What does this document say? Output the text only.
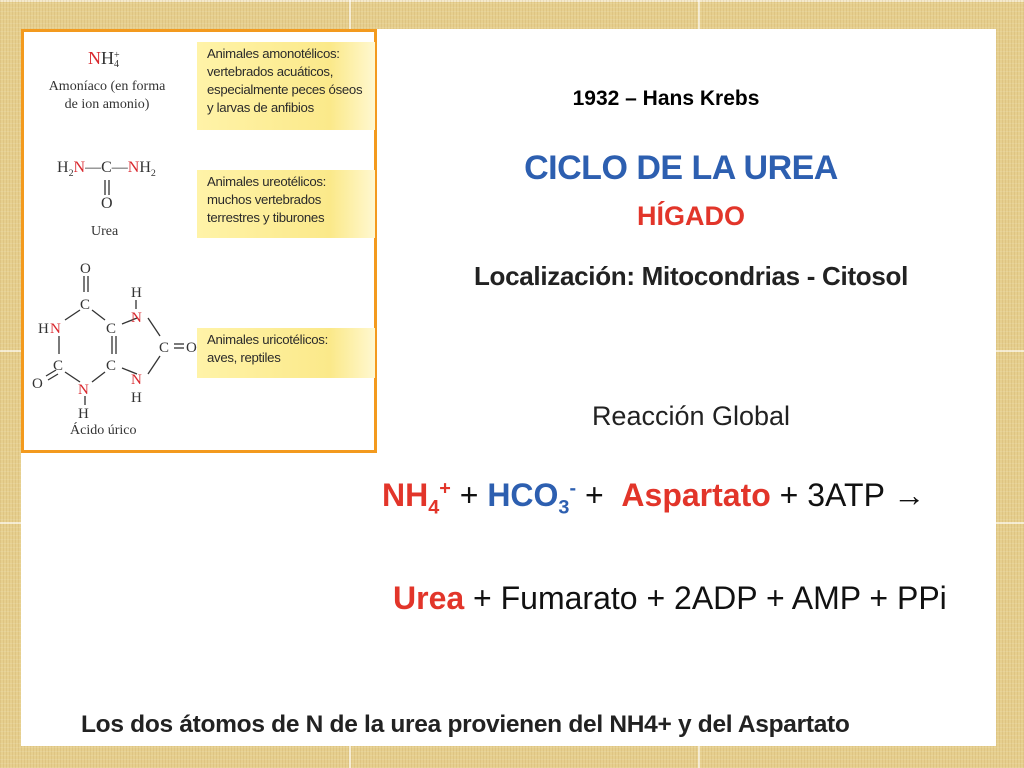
NH +
4
Amoníaco (en forma
de ion amonio)
$H_2N—C—NH_2$
O
Urea
O
C
H N	C
H
N
C O
C	C
N
H
O N
H
Ácido úrico
Animales amonotélicos:
vertebrados acuáticos,
especialmente peces óseos
y larvas de anfibios
Animales ureotélicos:
muchos vertebrados
terrestres y tiburones
Animales uricotélicos:
aves, reptiles
1932 – Hans Krebs
CICLO DE LA UREA
HÍGADO
Localización: Mitocondrias - Citosol
Reacción Global
$NH_4^+ + HCO_3^-$ +  Aspartato + 3ATP →
Urea + Fumarato + 2ADP + AMP + PPi
Los dos átomos de N de la urea provienen del NH4+ y del Aspartato
